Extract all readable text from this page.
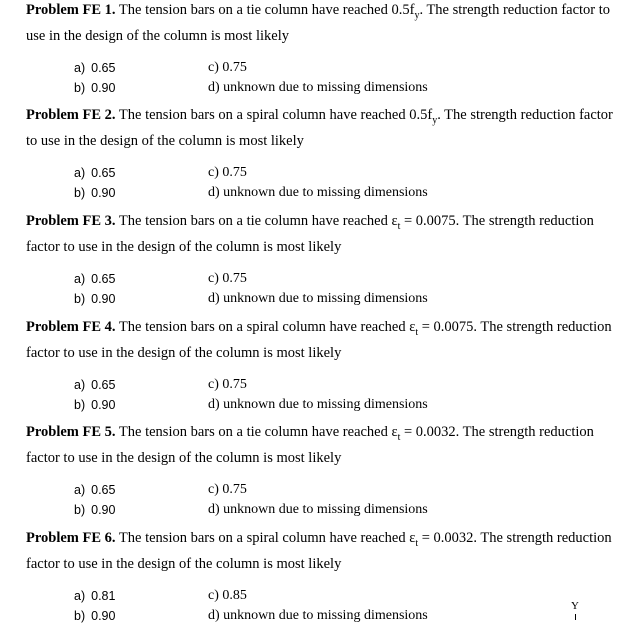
Problem FE 1. The tension bars on a tie column have reached $0.5f_y$. The strength reduction factor to use in the design of the column is most likely

a) 0.65
b) 0.90
c) 0.75
d) unknown due to missing dimensions

Problem FE 2. The tension bars on a spiral column have reached $0.5f_y$. The strength reduction factor to use in the design of the column is most likely

a) 0.65
b) 0.90
c) 0.75
d) unknown due to missing dimensions

Problem FE 3. The tension bars on a tie column have reached $\varepsilon_t = 0.0075$. The strength reduction factor to use in the design of the column is most likely

a) 0.65
b) 0.90
c) 0.75
d) unknown due to missing dimensions

Problem FE 4. The tension bars on a spiral column have reached $\varepsilon_t = 0.0075$. The strength reduction factor to use in the design of the column is most likely

a) 0.65
b) 0.90
c) 0.75
d) unknown due to missing dimensions

Problem FE 5. The tension bars on a tie column have reached $\varepsilon_t = 0.0032$. The strength reduction factor to use in the design of the column is most likely

a) 0.65
b) 0.90
c) 0.75
d) unknown due to missing dimensions

Problem FE 6. The tension bars on a spiral column have reached $\varepsilon_t = 0.0032$. The strength reduction factor to use in the design of the column is most likely

a) 0.81
b) 0.90
c) 0.85
d) unknown due to missing dimensions
Y
